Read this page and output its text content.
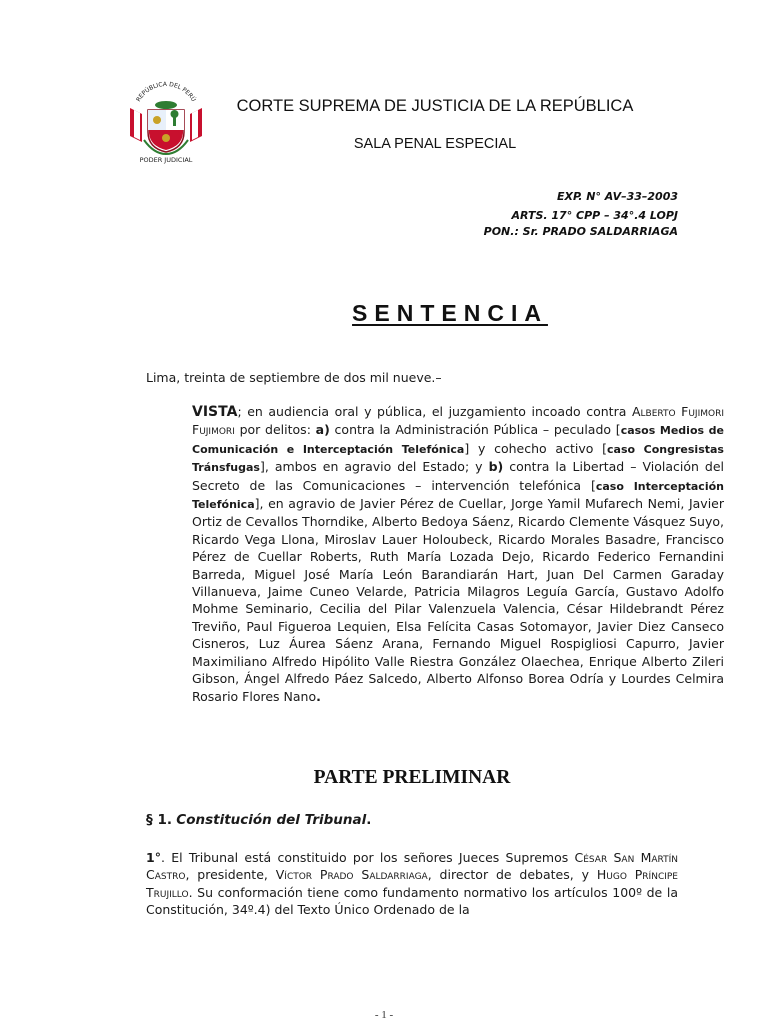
REPÚBLICA DEL PERÚ
PODER JUDICIAL
CORTE SUPREMA DE JUSTICIA DE LA REPÚBLICA
SALA PENAL ESPECIAL
EXP. N° AV–33–2003
ARTS. 17° CPP – 34°.4 LOPJ
PON.: Sr. PRADO SALDARRIAGA
SENTENCIA
Lima, treinta de septiembre de dos mil nueve.–
VISTA; en audiencia oral y pública, el juzgamiento incoado contra Alberto Fujimori Fujimori por delitos: a) contra la Administración Pública – peculado [casos Medios de Comunicación e Interceptación Telefónica] y cohecho activo [caso Congresistas Tránsfugas], ambos en agravio del Estado; y b) contra la Libertad – Violación del Secreto de las Comunicaciones – intervención telefónica [caso Interceptación Telefónica], en agravio de Javier Pérez de Cuellar, Jorge Yamil Mufarech Nemi, Javier Ortiz de Cevallos Thorndike, Alberto Bedoya Sáenz, Ricardo Clemente Vásquez Suyo, Ricardo Vega Llona, Miroslav Lauer Holoubeck, Ricardo Morales Basadre, Francisco Pérez de Cuellar Roberts, Ruth María Lozada Dejo, Ricardo Federico Fernandini Barreda, Miguel José María León Barandiarán Hart, Juan Del Carmen Garaday Villanueva, Jaime Cuneo Velarde, Patricia Milagros Leguía García, Gustavo Adolfo Mohme Seminario, Cecilia del Pilar Valenzuela Valencia, César Hildebrandt Pérez Treviño, Paul Figueroa Lequien, Elsa Felícita Casas Sotomayor, Javier Diez Canseco Cisneros, Luz Áurea Sáenz Arana, Fernando Miguel Rospigliosi Capurro, Javier Maximiliano Alfredo Hipólito Valle Riestra González Olaechea, Enrique Alberto Zileri Gibson, Ángel Alfredo Páez Salcedo, Alberto Alfonso Borea Odría y Lourdes Celmira Rosario Flores Nano.
PARTE PRELIMINAR
§ 1. Constitución del Tribunal.
1°. El Tribunal está constituido por los señores Jueces Supremos César San Martín Castro, presidente, Víctor Prado Saldarriaga, director de debates, y Hugo Príncipe Trujillo. Su conformación tiene como fundamento normativo los artículos 100º de la Constitución, 34º.4) del Texto Único Ordenado de la
- 1 -
